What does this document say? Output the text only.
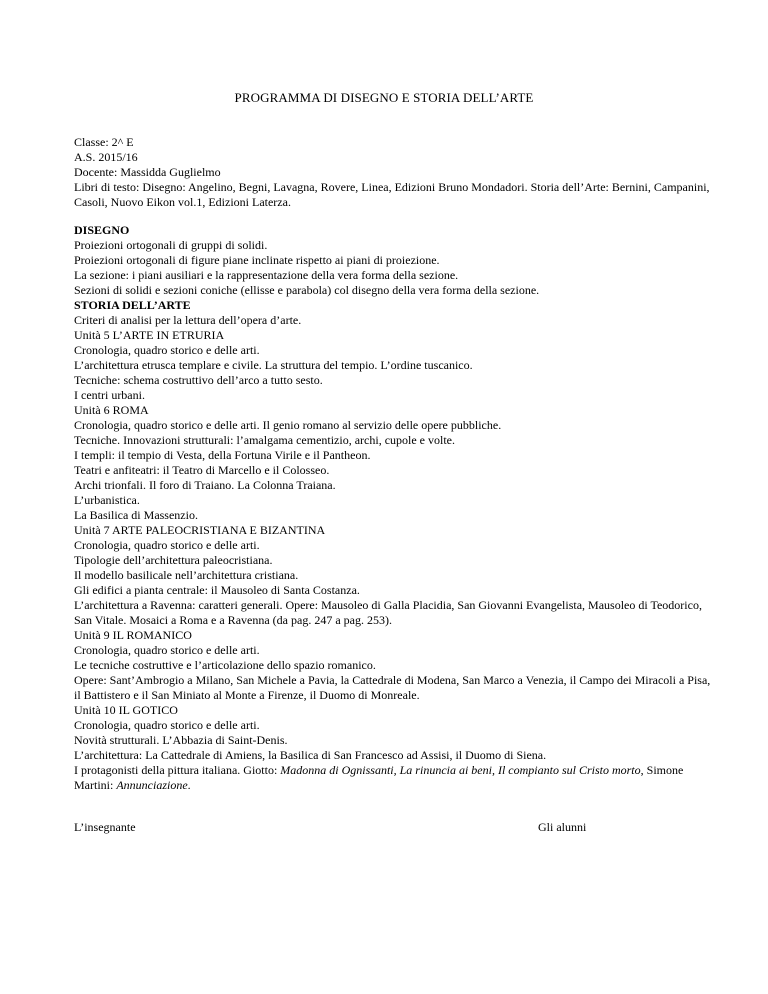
PROGRAMMA DI DISEGNO E STORIA DELL’ARTE
Classe: 2^ E
A.S. 2015/16
Docente: Massidda Guglielmo
Libri di testo: Disegno: Angelino, Begni, Lavagna, Rovere, Linea, Edizioni Bruno Mondadori. Storia dell’Arte: Bernini, Campanini, Casoli, Nuovo Eikon vol.1, Edizioni Laterza.
DISEGNO
Proiezioni ortogonali di gruppi di solidi.
Proiezioni ortogonali di figure piane inclinate rispetto ai piani di proiezione.
La sezione: i piani ausiliari e la rappresentazione della vera forma della sezione.
Sezioni di solidi e sezioni coniche (ellisse e parabola) col disegno della vera forma della sezione.
STORIA DELL’ARTE
Criteri di analisi per la lettura dell’opera d’arte.
Unità 5 L’ARTE IN ETRURIA
Cronologia, quadro storico e delle arti.
L’architettura etrusca templare e civile. La struttura del tempio. L’ordine tuscanico.
Tecniche: schema costruttivo dell’arco a tutto sesto.
I centri urbani.
Unità 6 ROMA
Cronologia, quadro storico e delle arti. Il genio romano al servizio delle opere pubbliche.
Tecniche. Innovazioni strutturali: l’amalgama cementizio, archi, cupole e volte.
I templi: il tempio di Vesta, della Fortuna Virile e il Pantheon.
Teatri e anfiteatri: il Teatro di Marcello e il Colosseo.
Archi trionfali. Il foro di Traiano. La Colonna Traiana.
L’urbanistica.
La Basilica di Massenzio.
Unità 7 ARTE PALEOCRISTIANA E BIZANTINA
Cronologia, quadro storico e delle arti.
Tipologie dell’architettura paleocristiana.
Il modello basilicale nell’architettura cristiana.
Gli edifici a pianta centrale: il Mausoleo di Santa Costanza.
L’architettura a Ravenna: caratteri generali. Opere: Mausoleo di Galla Placidia, San Giovanni Evangelista, Mausoleo di Teodorico, San Vitale. Mosaici a Roma e a Ravenna (da pag. 247 a pag. 253).
Unità 9 IL ROMANICO
Cronologia, quadro storico e delle arti.
Le tecniche costruttive e l’articolazione dello spazio romanico.
Opere: Sant’Ambrogio a Milano, San Michele a Pavia, la Cattedrale di Modena, San Marco a Venezia, il Campo dei Miracoli a Pisa, il Battistero e il San Miniato al Monte a Firenze, il Duomo di Monreale.
Unità 10 IL GOTICO
Cronologia, quadro storico e delle arti.
Novità strutturali. L’Abbazia di Saint-Denis.
L’architettura: La Cattedrale di Amiens, la Basilica di San Francesco ad Assisi, il Duomo di Siena.
I protagonisti della pittura italiana. Giotto: Madonna di Ognissanti, La rinuncia ai beni, Il compianto sul Cristo morto, Simone Martini: Annunciazione.
L’insegnante	Gli alunni
